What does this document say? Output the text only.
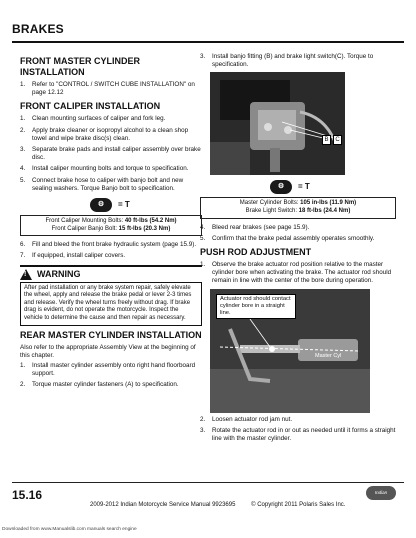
BRAKES
FRONT MASTER CYLINDER INSTALLATION
1.	Refer to "CONTROL / SWITCH CUBE INSTALLATION" on page 12.12
FRONT CALIPER INSTALLATION
1.	Clean mounting surfaces of caliper and fork leg.
2.	Apply brake cleaner or isopropyl alcohol to a clean shop towel and wipe brake disc(s) clean.
3.	Separate brake pads and install caliper assembly over brake disc.
4.	Install caliper mounting bolts and torque to specification.
5.	Connect brake hose to caliper with banjo bolt and new sealing washers. Torque Banjo bolt to specification.
⚙	= T
Front Caliper Mounting Bolts: 40 ft-lbs (54.2 Nm)
Front Caliper Banjo Bolt: 15 ft-lbs (20.3 Nm)
6.	Fill and bleed the front brake hydraulic system (page 15.9).
7.	If equipped, install caliper covers.
! WARNING
After pad installation or any brake system repair, safely elevate the wheel, apply and release the brake pedal or lever 2-3 times and release. Verify the wheel turns freely without drag. If brake drag is evident, do not operate the motorcycle. Inspect the vehicle to determine the cause and then repair as necessary.
REAR MASTER CYLINDER INSTALLATION
Also refer to the appropriate Assembly View at the beginning of this chapter.
1.	Install master cylinder assembly onto right hand floorboard support.
2.	Torque master cylinder fasteners (A) to specification.
3.	Install banjo fitting (B) and brake light switch(C). Torque to specification.
B	C
⚙	= T
Master Cylinder Bolts: 105 in-lbs (11.9 Nm)
Brake Light Switch: 18 ft-lbs (24.4 Nm)
4.	Bleed rear brakes (see page 15.9).
5.	Confirm that the brake pedal assembly operates smoothly.
PUSH ROD ADJUSTMENT
1.	Observe the brake actuator rod position relative to the master cylinder bore when activating the brake. The actuator rod should remain in line with the center of the bore during operation.
Actuator rod should contact cylinder bore in a straight line.
Master Cyl
2.	Loosen actuator rod jam nut.
3.	Rotate the actuator rod in or out as needed until it forms a straight line with the master cylinder.
15.16
2009-2012 Indian Motorcycle Service Manual 9923695	© Copyright 2011 Polaris Sales Inc.
Indian
Downloaded from www.Manualslib.com manuals search engine
